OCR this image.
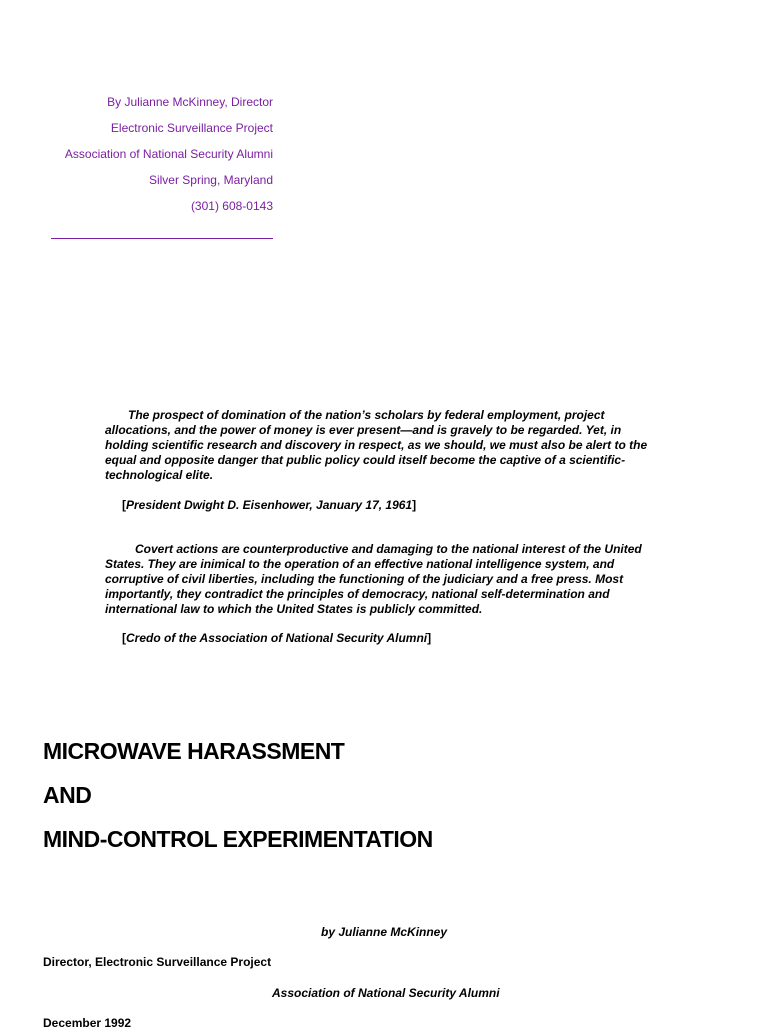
By Julianne McKinney, Director
Electronic Surveillance Project
Association of National Security Alumni
Silver Spring, Maryland
(301) 608-0143
The prospect of domination of the nation’s scholars by federal employment, project allocations, and the power of money is ever present—and is gravely to be regarded. Yet, in holding scientific research and discovery in respect, as we should, we must also be alert to the equal and opposite danger that public policy could itself become the captive of a scientific-technological elite.
[President Dwight D. Eisenhower, January 17, 1961]
Covert actions are counterproductive and damaging to the national interest of the United States. They are inimical to the operation of an effective national intelligence system, and corruptive of civil liberties, including the functioning of the judiciary and a free press. Most importantly, they contradict the principles of democracy, national self-determination and international law to which the United States is publicly committed.
[Credo of the Association of National Security Alumni]
MICROWAVE HARASSMENT
AND
MIND-CONTROL EXPERIMENTATION
by Julianne McKinney
Director, Electronic Surveillance Project
Association of National Security Alumni
December 1992
